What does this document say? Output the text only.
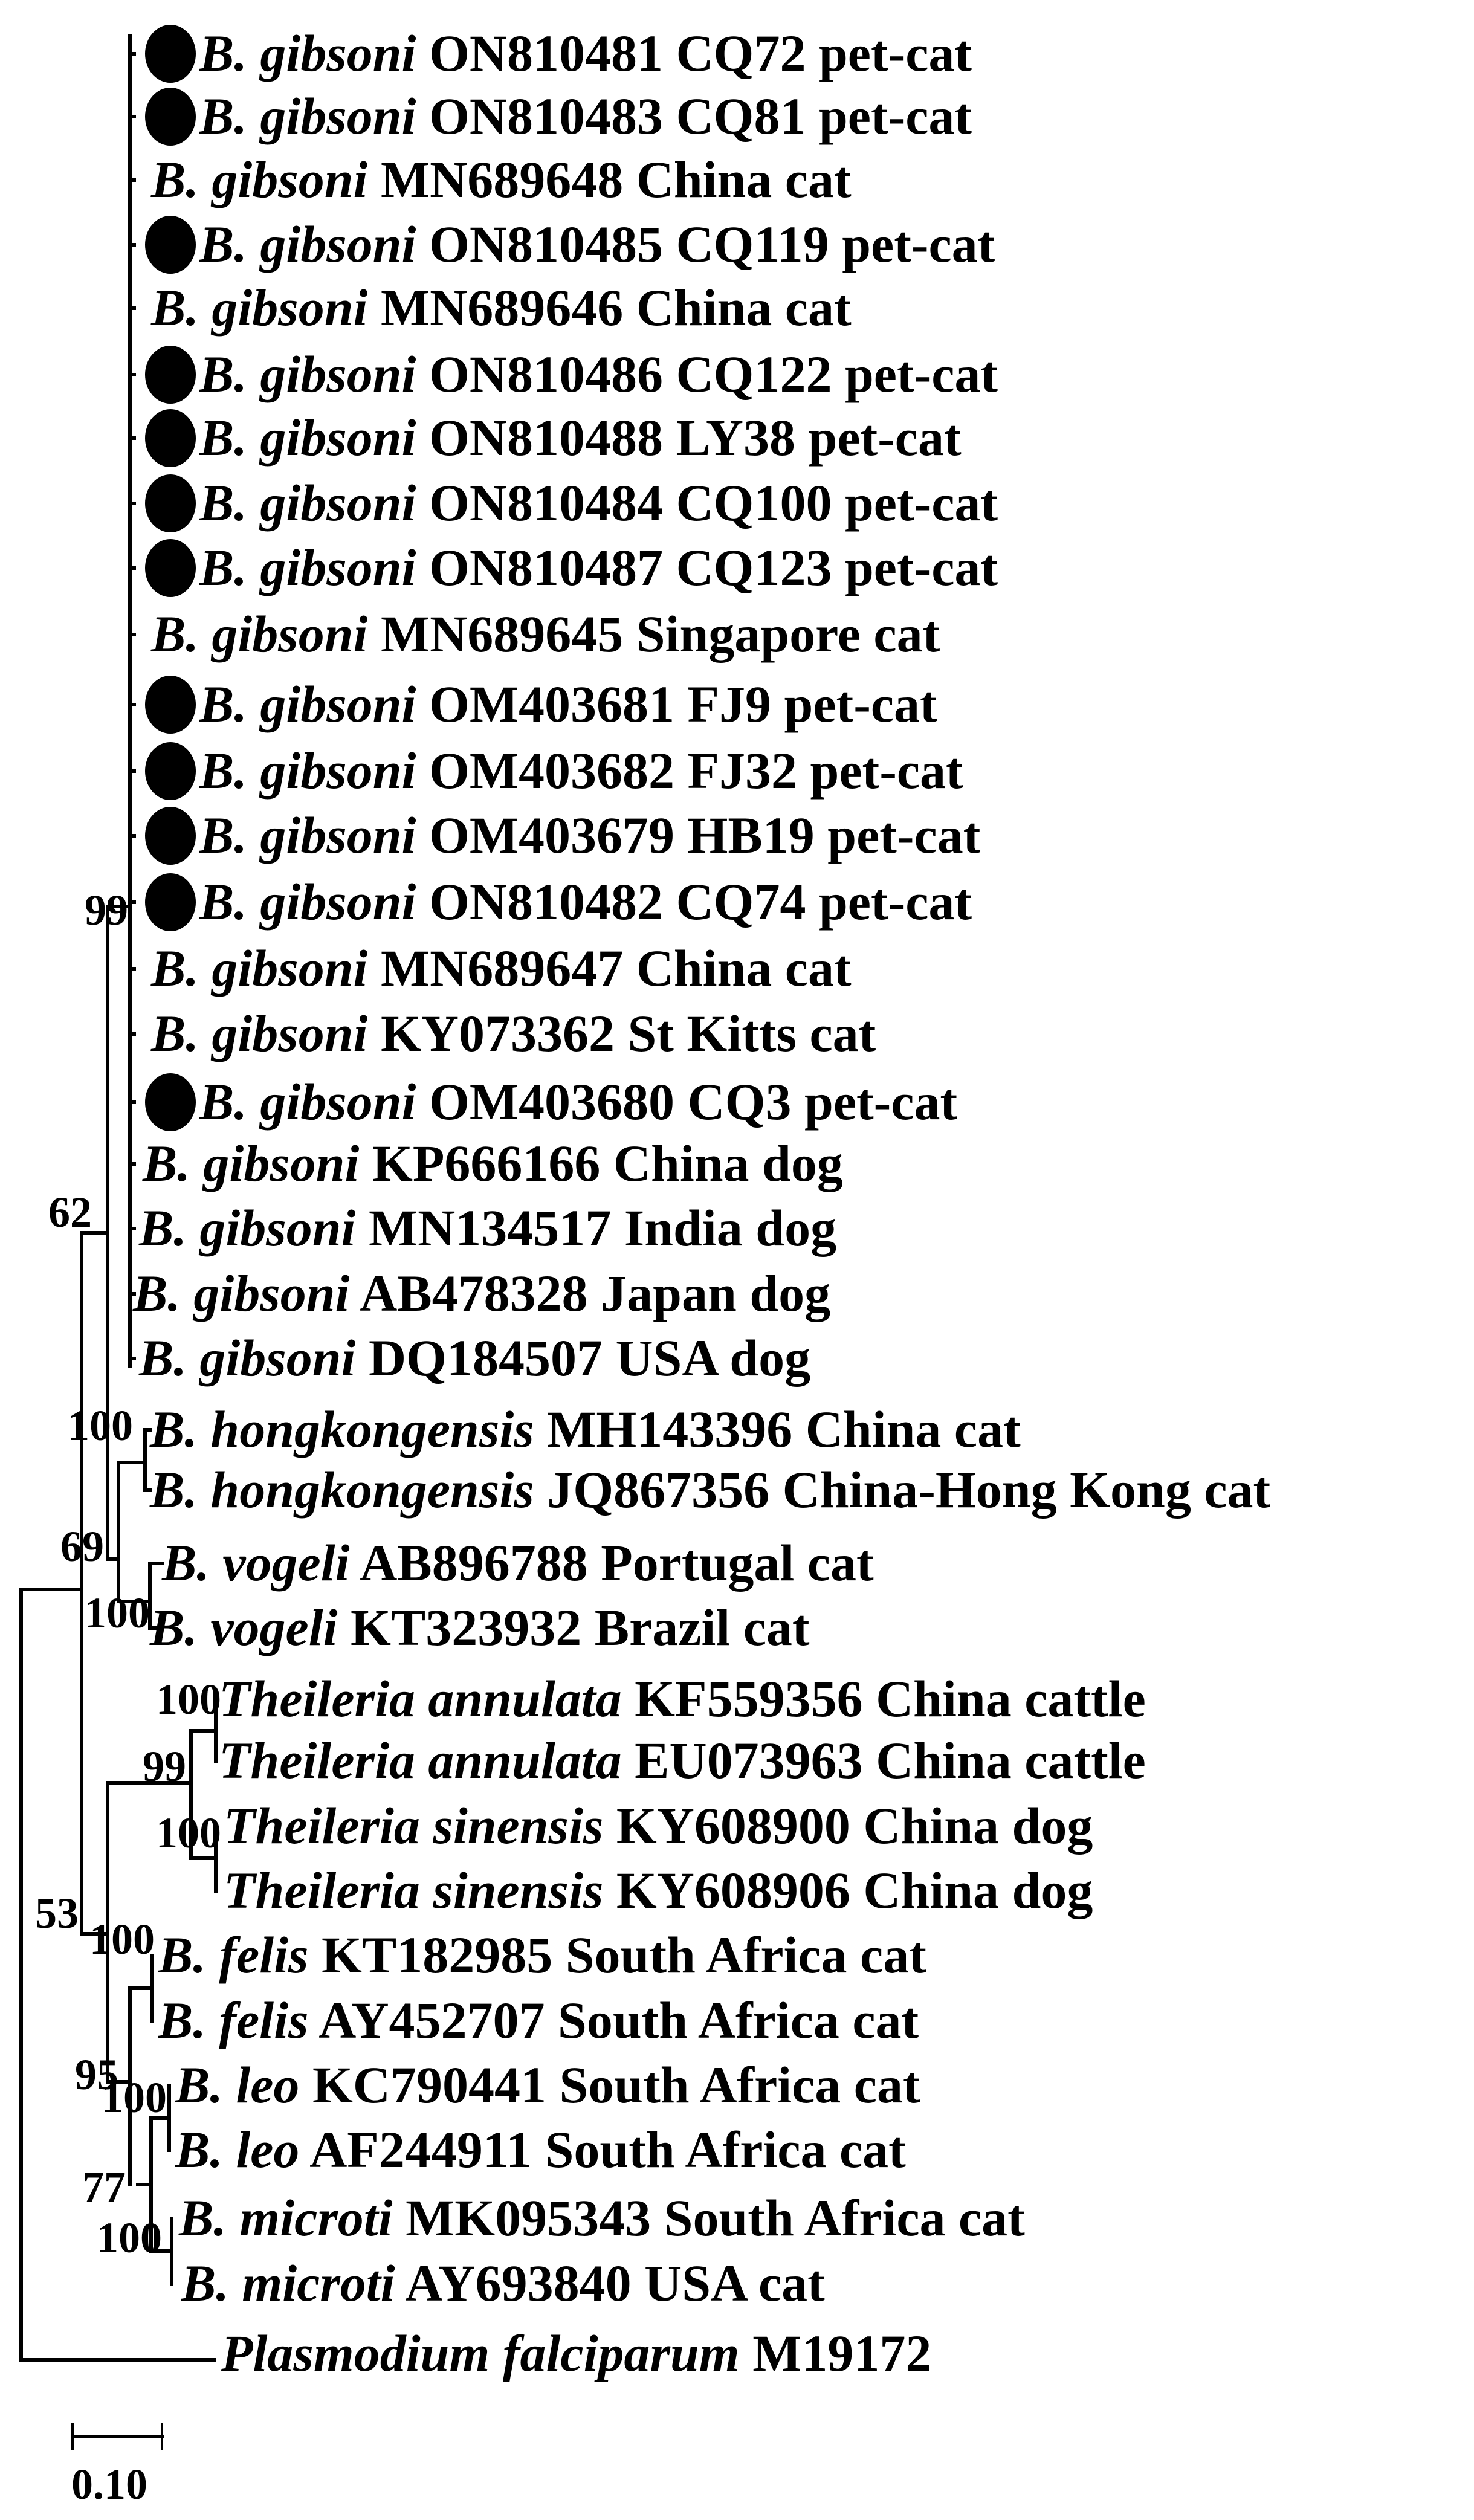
B. gibsoni ON810481 CQ72 pet-cat
B. gibsoni ON810483 CQ81 pet-cat
B. gibsoni MN689648 China cat
B. gibsoni ON810485 CQ119 pet-cat
B. gibsoni MN689646 China cat
B. gibsoni ON810486 CQ122 pet-cat
B. gibsoni ON810488 LY38 pet-cat
B. gibsoni ON810484 CQ100 pet-cat
B. gibsoni ON810487 CQ123 pet-cat
B. gibsoni MN689645 Singapore cat
B. gibsoni OM403681 FJ9 pet-cat
B. gibsoni OM403682 FJ32 pet-cat
B. gibsoni OM403679 HB19 pet-cat
B. gibsoni ON810482 CQ74 pet-cat
B. gibsoni MN689647 China cat
B. gibsoni KY073362 St Kitts cat
B. gibsoni OM403680 CQ3 pet-cat
B. gibsoni KP666166 China dog
B. gibsoni MN134517 India dog
B. gibsoni AB478328 Japan dog
B. gibsoni DQ184507 USA dog
B. hongkongensis MH143396 China cat
B. hongkongensis JQ867356 China-Hong Kong cat
B. vogeli AB896788 Portugal cat
B. vogeli KT323932 Brazil cat
Theileria annulata KF559356 China cattle
Theileria annulata EU073963 China cattle
Theileria sinensis KY608900 China dog
Theileria sinensis KY608906 China dog
B. felis KT182985 South Africa cat
B. felis AY452707 South Africa cat
B. leo KC790441 South Africa cat
B. leo AF244911 South Africa cat
B. microti MK095343 South Africa cat
B. microti AY693840 USA cat
Plasmodium falciparum M19172
99
62
100
69
100
100
99
100
53
100
95
100
77
100
0.10
